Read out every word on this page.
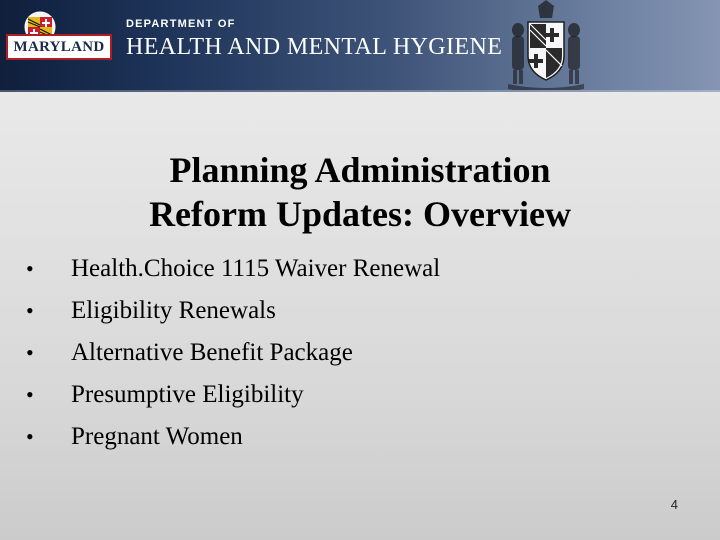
MARYLAND
DEPARTMENT OF
HEALTH AND MENTAL HYGIENE
Planning Administration
Reform Updates: Overview
• Health.Choice 1115 Waiver Renewal
• Eligibility Renewals
• Alternative Benefit Package
• Presumptive Eligibility
• Pregnant Women
4
